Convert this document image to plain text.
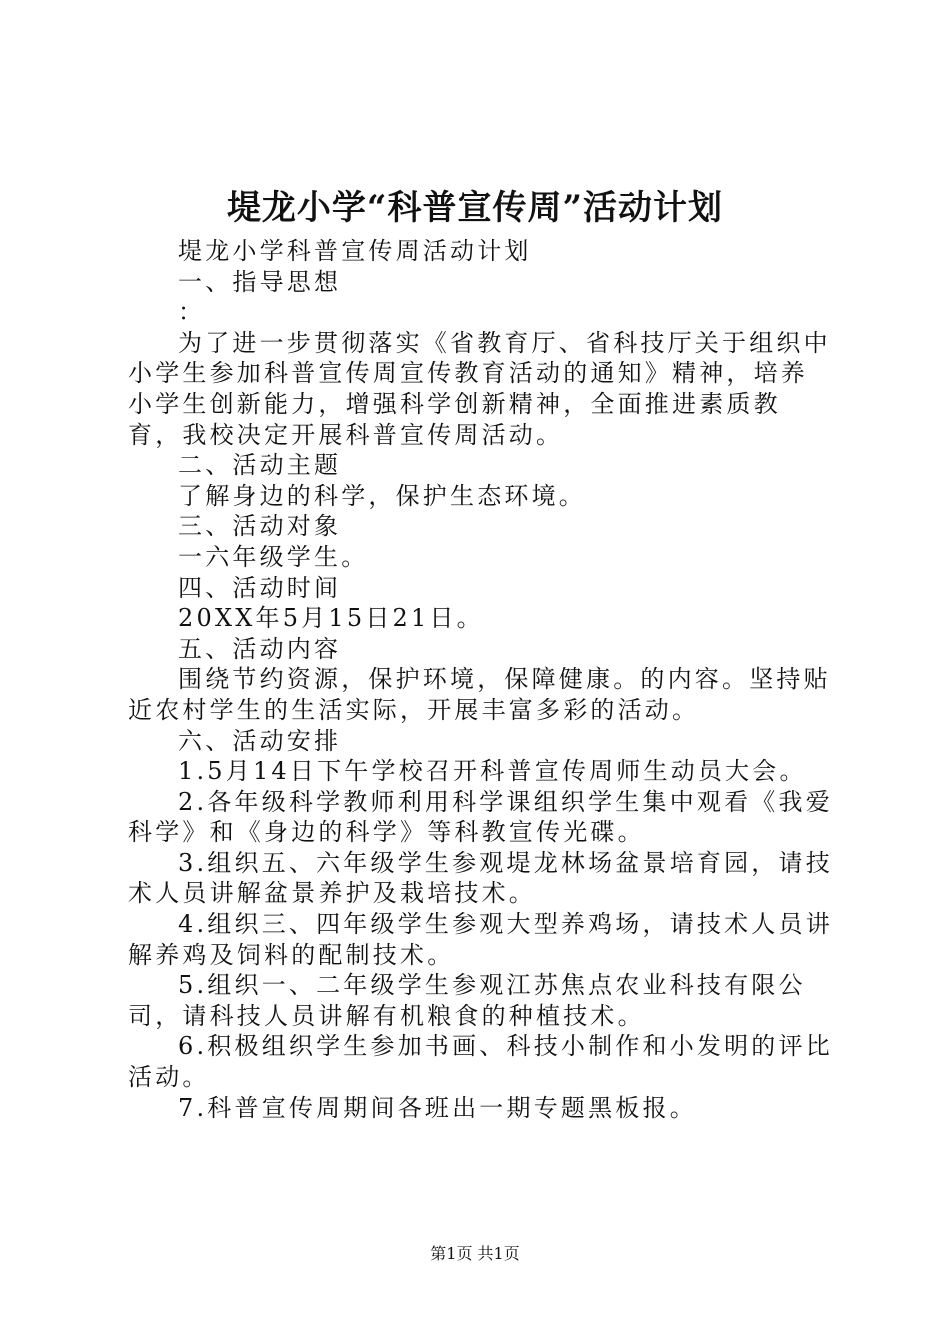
堤龙小学“科普宣传周”活动计划

堤龙小学科普宣传周活动计划

一、指导思想

：

为了进一步贯彻落实《省教育厅、省科技厅关于组织中小学生参加科普宣传周宣传教育活动的通知》精神，培养小学生创新能力，增强科学创新精神，全面推进素质教育，我校决定开展科普宣传周活动。

二、活动主题

了解身边的科学，保护生态环境。

三、活动对象

一六年级学生。

四、活动时间

20XX年5月15日21日。

五、活动内容

围绕节约资源，保护环境，保障健康。的内容。坚持贴近农村学生的生活实际，开展丰富多彩的活动。

六、活动安排

1.5月14日下午学校召开科普宣传周师生动员大会。

2.各年级科学教师利用科学课组织学生集中观看《我爱科学》和《身边的科学》等科教宣传光碟。

3.组织五、六年级学生参观堤龙林场盆景培育园，请技术人员讲解盆景养护及栽培技术。

4.组织三、四年级学生参观大型养鸡场，请技术人员讲解养鸡及饲料的配制技术。

5.组织一、二年级学生参观江苏焦点农业科技有限公司，请科技人员讲解有机粮食的种植技术。

6.积极组织学生参加书画、科技小制作和小发明的评比活动。

7.科普宣传周期间各班出一期专题黑板报。

第1页 共1页
